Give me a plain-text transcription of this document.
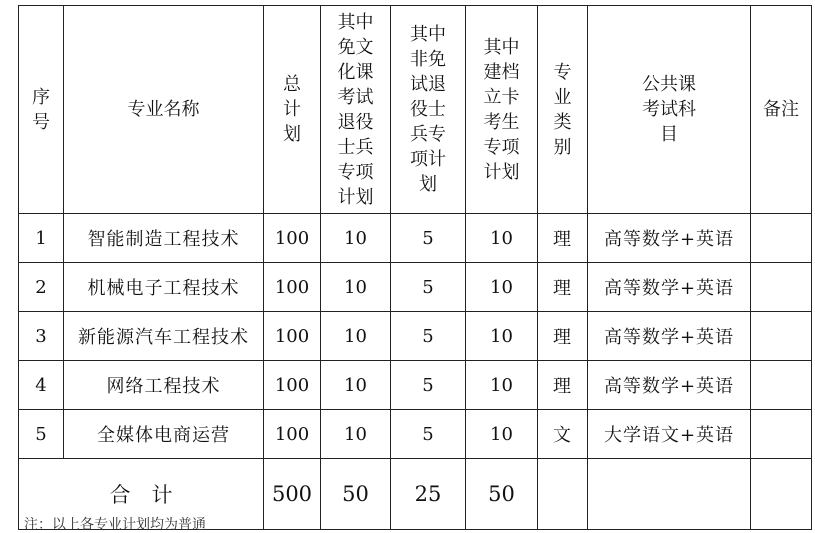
序号	专业名称	总计划	其中免文化课考试退役士兵专项计划	其中非免试退役士兵专项计划	其中建档立卡考生专项计划	专业类别	公共课考试科目	备注
1	智能制造工程技术	100	10	5	10	理	高等数学+英语	
2	机械电子工程技术	100	10	5	10	理	高等数学+英语	
3	新能源汽车工程技术	100	10	5	10	理	高等数学+英语	
4	网络工程技术	100	10	5	10	理	高等数学+英语	
5	全媒体电商运营	100	10	5	10	文	大学语文+英语	
合　计		500	50	25	50			
注：以上各专业计划均为普通
